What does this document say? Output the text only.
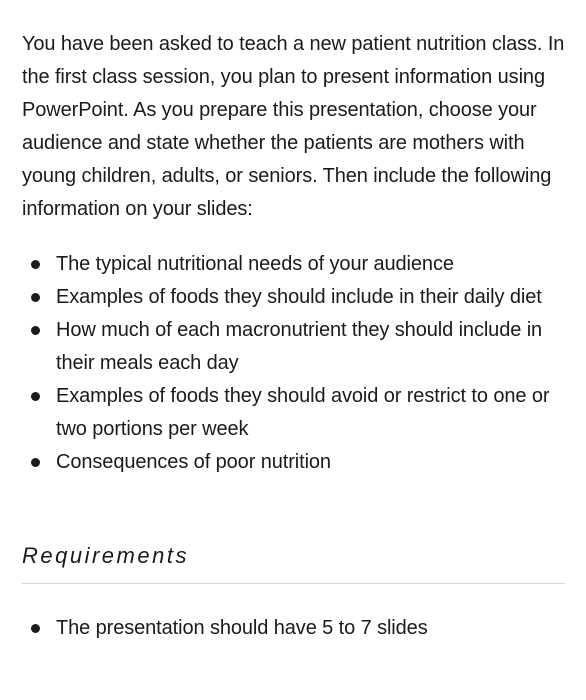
You have been asked to teach a new patient nutrition class. In the first class session, you plan to present information using PowerPoint. As you prepare this presentation, choose your audience and state whether the patients are mothers with young children, adults, or seniors. Then include the following information on your slides:

The typical nutritional needs of your audience
Examples of foods they should include in their daily diet
How much of each macronutrient they should include in their meals each day
Examples of foods they should avoid or restrict to one or two portions per week
Consequences of poor nutrition
Requirements
The presentation should have 5 to 7 slides
